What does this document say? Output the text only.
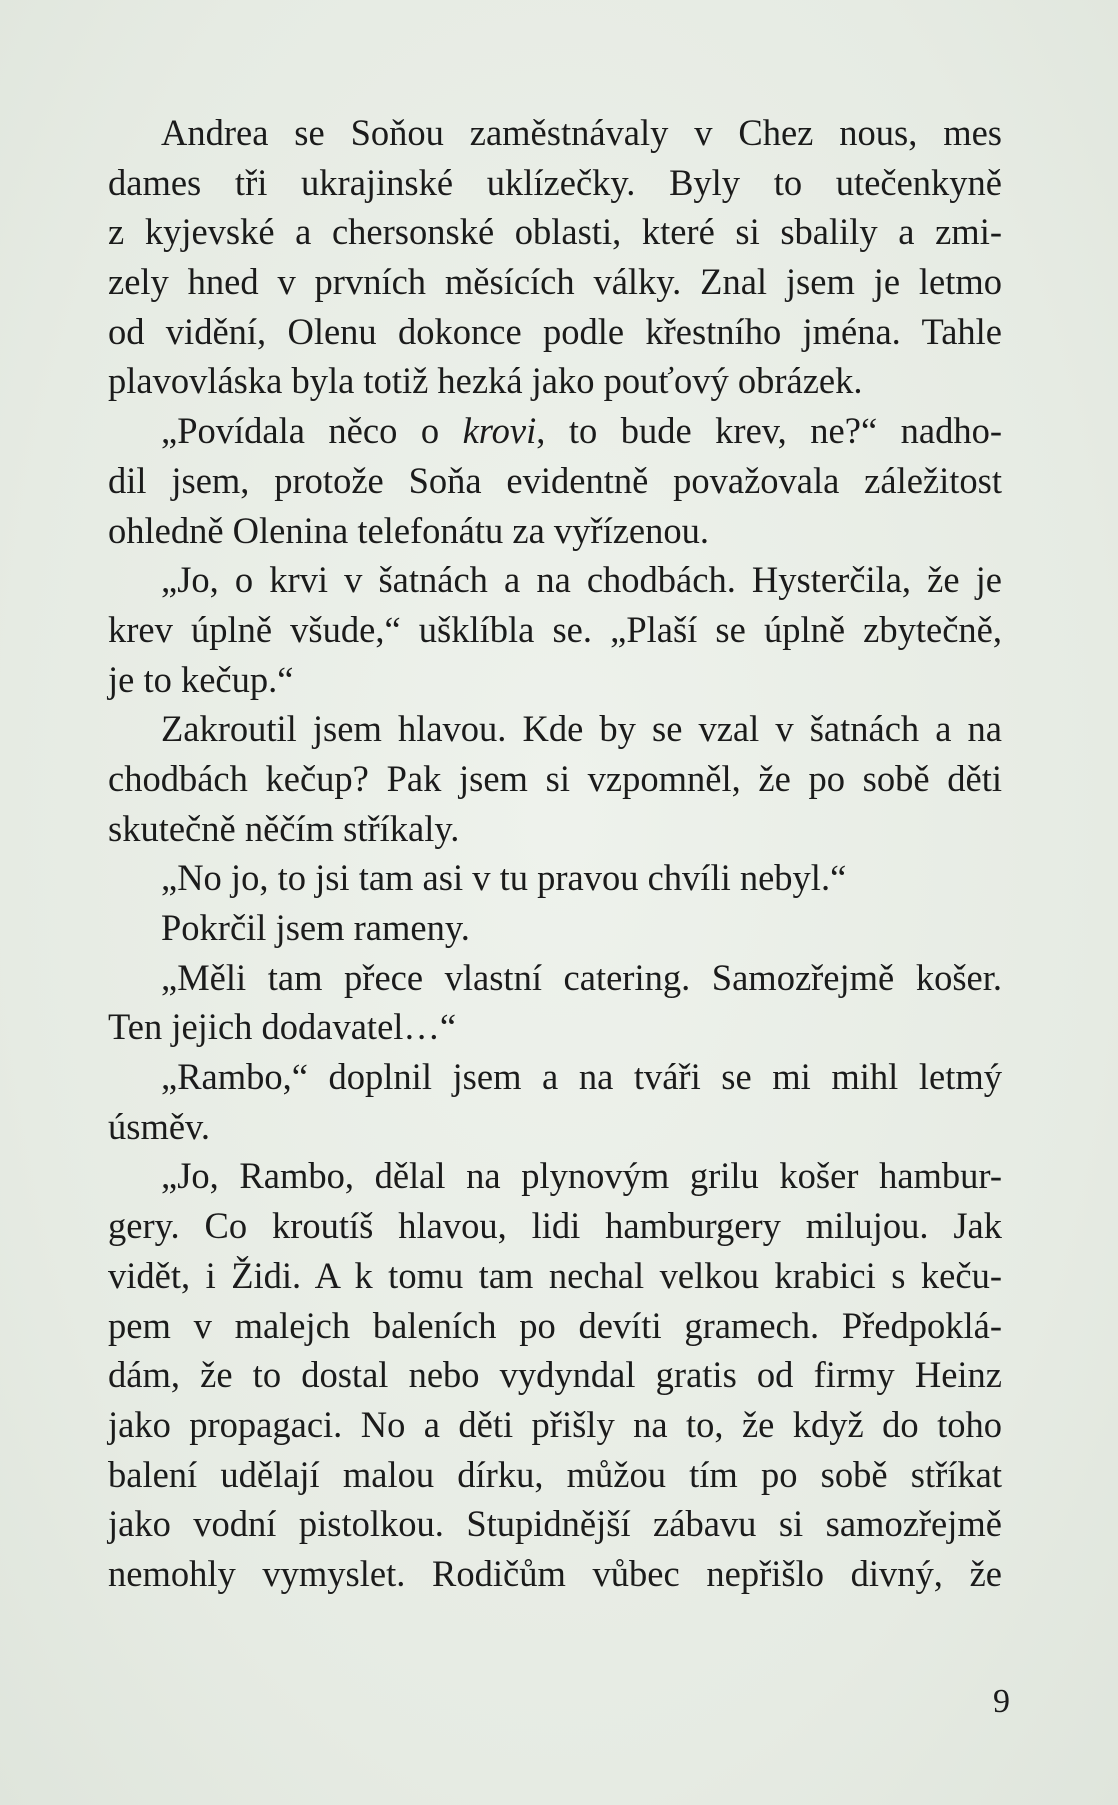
Andrea se Soňou zaměstnávaly v Chez nous, mes
dames tři ukrajinské uklízečky. Byly to utečenkyně
z kyjevské a chersonské oblasti, které si sbalily a zmi-
zely hned v prvních měsících války. Znal jsem je letmo
od vidění, Olenu dokonce podle křestního jména. Tahle
plavovláska byla totiž hezká jako pouťový obrázek.
„Povídala něco o krovi, to bude krev, ne?“ nadho-
dil jsem, protože Soňa evidentně považovala záležitost
ohledně Olenina telefonátu za vyřízenou.
„Jo, o krvi v šatnách a na chodbách. Hysterčila, že je
krev úplně všude,“ ušklíbla se. „Plaší se úplně zbytečně,
je to kečup.“
Zakroutil jsem hlavou. Kde by se vzal v šatnách a na
chodbách kečup? Pak jsem si vzpomněl, že po sobě děti
skutečně něčím stříkaly.
„No jo, to jsi tam asi v tu pravou chvíli nebyl.“
Pokrčil jsem rameny.
„Měli tam přece vlastní catering. Samozřejmě košer.
Ten jejich dodavatel…“
„Rambo,“ doplnil jsem a na tváři se mi mihl letmý
úsměv.
„Jo, Rambo, dělal na plynovým grilu košer hambur-
gery. Co kroutíš hlavou, lidi hamburgery milujou. Jak
vidět, i Židi. A k tomu tam nechal velkou krabici s keču-
pem v malejch baleních po devíti gramech. Předpoklá-
dám, že to dostal nebo vydyndal gratis od firmy Heinz
jako propagaci. No a děti přišly na to, že když do toho
balení udělají malou dírku, můžou tím po sobě stříkat
jako vodní pistolkou. Stupidnější zábavu si samozřejmě
nemohly vymyslet. Rodičům vůbec nepřišlo divný, že
9
